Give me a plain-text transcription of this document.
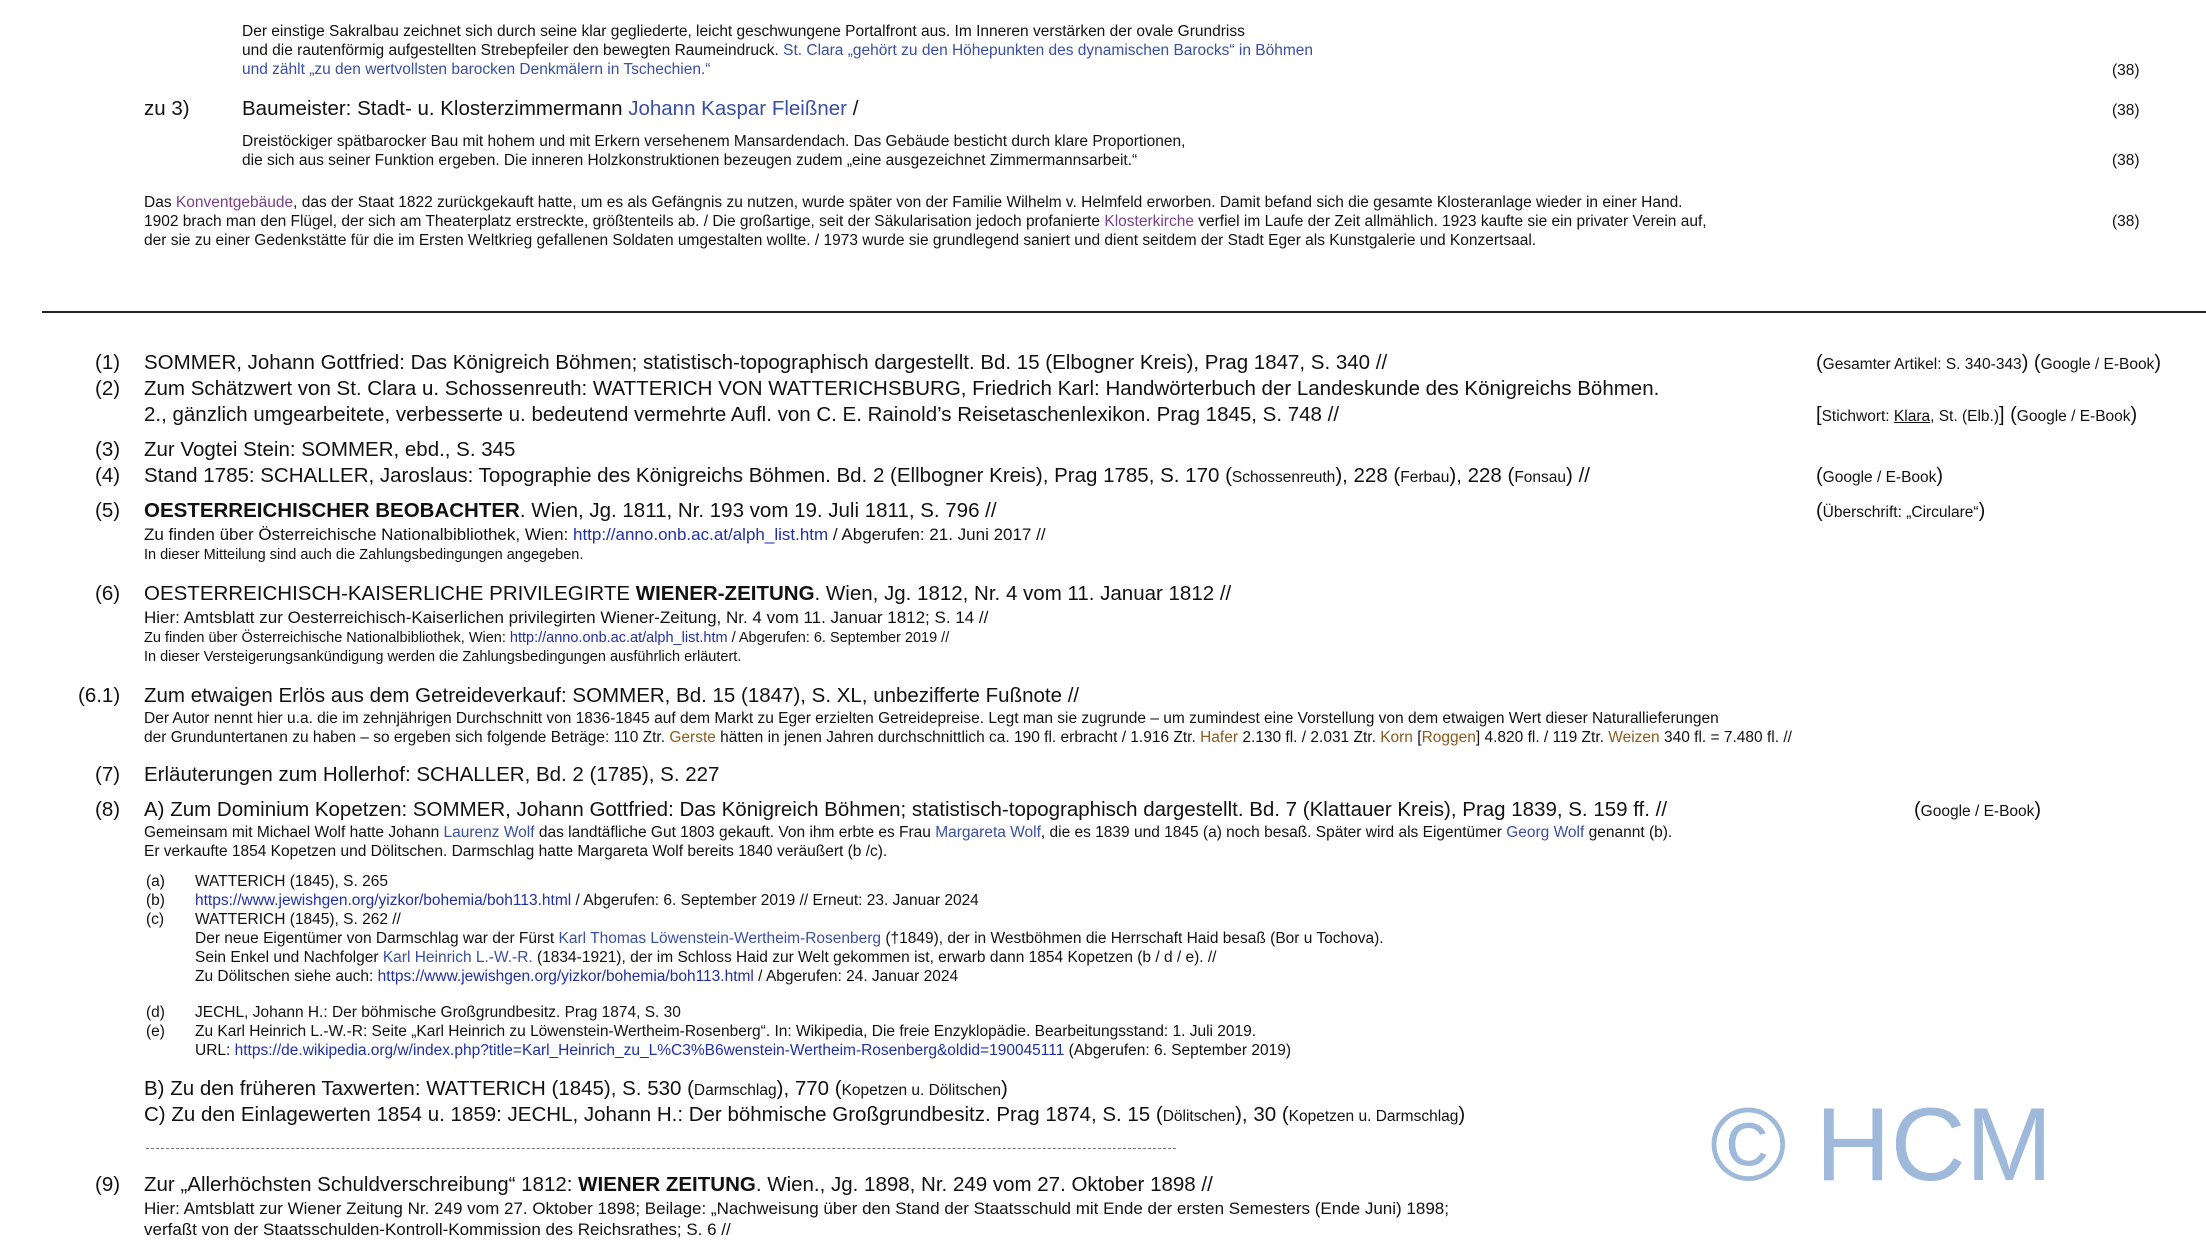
Der einstige Sakralbau zeichnet sich durch seine klar gegliederte, leicht geschwungene Portalfront aus. Im Inneren verstärken der ovale Grundriss
und die rautenförmig aufgestellten Strebepfeiler den bewegten Raumeindruck. St. Clara „gehört zu den Höhepunkten des dynamischen Barocks“ in Böhmen
und zählt „zu den wertvollsten barocken Denkmälern in Tschechien.“	(38)
zu 3)	Baumeister: Stadt- u. Klosterzimmermann Johann Kaspar Fleißner /	(38)
Dreistöckiger spätbarocker Bau mit hohem und mit Erkern versehenem Mansardendach. Das Gebäude besticht durch klare Proportionen,
die sich aus seiner Funktion ergeben. Die inneren Holzkonstruktionen bezeugen zudem „eine ausgezeichnet Zimmermannsarbeit.“	(38)
Das Konventgebäude, das der Staat 1822 zurückgekauft hatte, um es als Gefängnis zu nutzen, wurde später von der Familie Wilhelm v. Helmfeld erworben. Damit befand sich die gesamte Klosteranlage wieder in einer Hand.
1902 brach man den Flügel, der sich am Theaterplatz erstreckte, größtenteils ab. / Die großartige, seit der Säkularisation jedoch profanierte Klosterkirche verfiel im Laufe der Zeit allmählich. 1923 kaufte sie ein privater Verein auf,	(38)
der sie zu einer Gedenkstätte für die im Ersten Weltkrieg gefallenen Soldaten umgestalten wollte. / 1973 wurde sie grundlegend saniert und dient seitdem der Stadt Eger als Kunstgalerie und Konzertsaal.
(1) SOMMER, Johann Gottfried: Das Königreich Böhmen; statistisch-topographisch dargestellt. Bd. 15 (Elbogner Kreis), Prag 1847, S. 340 //	(Gesamter Artikel: S. 340-343) (Google / E-Book)
(2) Zum Schätzwert von St. Clara u. Schossenreuth: WATTERICH VON WATTERICHSBURG, Friedrich Karl: Handwörterbuch der Landeskunde des Königreichs Böhmen.
2., gänzlich umgearbeitete, verbesserte u. bedeutend vermehrte Aufl. von C. E. Rainold’s Reisetaschenlexikon. Prag 1845, S. 748 //	[Stichwort: Klara, St. (Elb.)] (Google / E-Book)
(3) Zur Vogtei Stein: SOMMER, ebd., S. 345
(4) Stand 1785: SCHALLER, Jaroslaus: Topographie des Königreichs Böhmen. Bd. 2 (Ellbogner Kreis), Prag 1785, S. 170 (Schossenreuth), 228 (Ferbau), 228 (Fonsau) //	(Google / E-Book)
(5) OESTERREICHISCHER BEOBACHTER. Wien, Jg. 1811, Nr. 193 vom 19. Juli 1811, S. 796 //	(Überschrift: „Circulare“)
Zu finden über Österreichische Nationalbibliothek, Wien: http://anno.onb.ac.at/alph_list.htm / Abgerufen: 21. Juni 2017 //
In dieser Mitteilung sind auch die Zahlungsbedingungen angegeben.
(6) OESTERREICHISCH-KAISERLICHE PRIVILEGIRTE WIENER-ZEITUNG. Wien, Jg. 1812, Nr. 4 vom 11. Januar 1812 //
Hier: Amtsblatt zur Oesterreichisch-Kaiserlichen privilegirten Wiener-Zeitung, Nr. 4 vom 11. Januar 1812; S. 14 //
Zu finden über Österreichische Nationalbibliothek, Wien: http://anno.onb.ac.at/alph_list.htm / Abgerufen: 6. September 2019 //
In dieser Versteigerungsankündigung werden die Zahlungsbedingungen ausführlich erläutert.
(6.1) Zum etwaigen Erlös aus dem Getreideverkauf: SOMMER, Bd. 15 (1847), S. XL, unbezifferte Fußnote //
Der Autor nennt hier u.a. die im zehnjährigen Durchschnitt von 1836-1845 auf dem Markt zu Eger erzielten Getreidepreise. Legt man sie zugrunde – um zumindest eine Vorstellung von dem etwaigen Wert dieser Naturallieferungen
der Grunduntertanen zu haben – so ergeben sich folgende Beträge: 110 Ztr. Gerste hätten in jenen Jahren durchschnittlich ca. 190 fl. erbracht / 1.916 Ztr. Hafer 2.130 fl. / 2.031 Ztr. Korn [Roggen] 4.820 fl. / 119 Ztr. Weizen 340 fl. = 7.480 fl. //
(7) Erläuterungen zum Hollerhof: SCHALLER, Bd. 2 (1785), S. 227
(8) A) Zum Dominium Kopetzen: SOMMER, Johann Gottfried: Das Königreich Böhmen; statistisch-topographisch dargestellt. Bd. 7 (Klattauer Kreis), Prag 1839, S. 159 ff. //	(Google / E-Book)
Gemeinsam mit Michael Wolf hatte Johann Laurenz Wolf das landtäfliche Gut 1803 gekauft. Von ihm erbte es Frau Margareta Wolf, die es 1839 und 1845 (a) noch besaß. Später wird als Eigentümer Georg Wolf genannt (b).
Er verkaufte 1854 Kopetzen und Dölitschen. Darmschlag hatte Margareta Wolf bereits 1840 veräußert (b /c).
(a) WATTERICH (1845), S. 265
(b) https://www.jewishgen.org/yizkor/bohemia/boh113.html / Abgerufen: 6. September 2019 // Erneut: 23. Januar 2024
(c) WATTERICH (1845), S. 262 //
Der neue Eigentümer von Darmschlag war der Fürst Karl Thomas Löwenstein-Wertheim-Rosenberg (†1849), der in Westböhmen die Herrschaft Haid besaß (Bor u Tochova).
Sein Enkel und Nachfolger Karl Heinrich L.-W.-R. (1834-1921), der im Schloss Haid zur Welt gekommen ist, erwarb dann 1854 Kopetzen (b / d / e). //
Zu Dölitschen siehe auch: https://www.jewishgen.org/yizkor/bohemia/boh113.html / Abgerufen: 24. Januar 2024
(d) JECHL, Johann H.: Der böhmische Großgrundbesitz. Prag 1874, S. 30
(e) Zu Karl Heinrich L.-W.-R: Seite „Karl Heinrich zu Löwenstein-Wertheim-Rosenberg“. In: Wikipedia, Die freie Enzyklopädie. Bearbeitungsstand: 1. Juli 2019.
URL: https://de.wikipedia.org/w/index.php?title=Karl_Heinrich_zu_L%C3%B6wenstein-Wertheim-Rosenberg&oldid=190045111 (Abgerufen: 6. September 2019)
B) Zu den früheren Taxwerten: WATTERICH (1845), S. 530 (Darmschlag), 770 (Kopetzen u. Dölitschen)
C) Zu den Einlagewerten 1854 u. 1859: JECHL, Johann H.: Der böhmische Großgrundbesitz. Prag 1874, S. 15 (Dölitschen), 30 (Kopetzen u. Darmschlag)
(9) Zur „Allerhöchsten Schuldverschreibung“ 1812: WIENER ZEITUNG. Wien., Jg. 1898, Nr. 249 vom 27. Oktober 1898 //
Hier: Amtsblatt zur Wiener Zeitung Nr. 249 vom 27. Oktober 1898; Beilage: „Nachweisung über den Stand der Staatsschuld mit Ende der ersten Semesters (Ende Juni) 1898;
verfaßt von der Staatsschulden-Kontroll-Kommission des Reichsrathes; S. 6 //
© HCM
